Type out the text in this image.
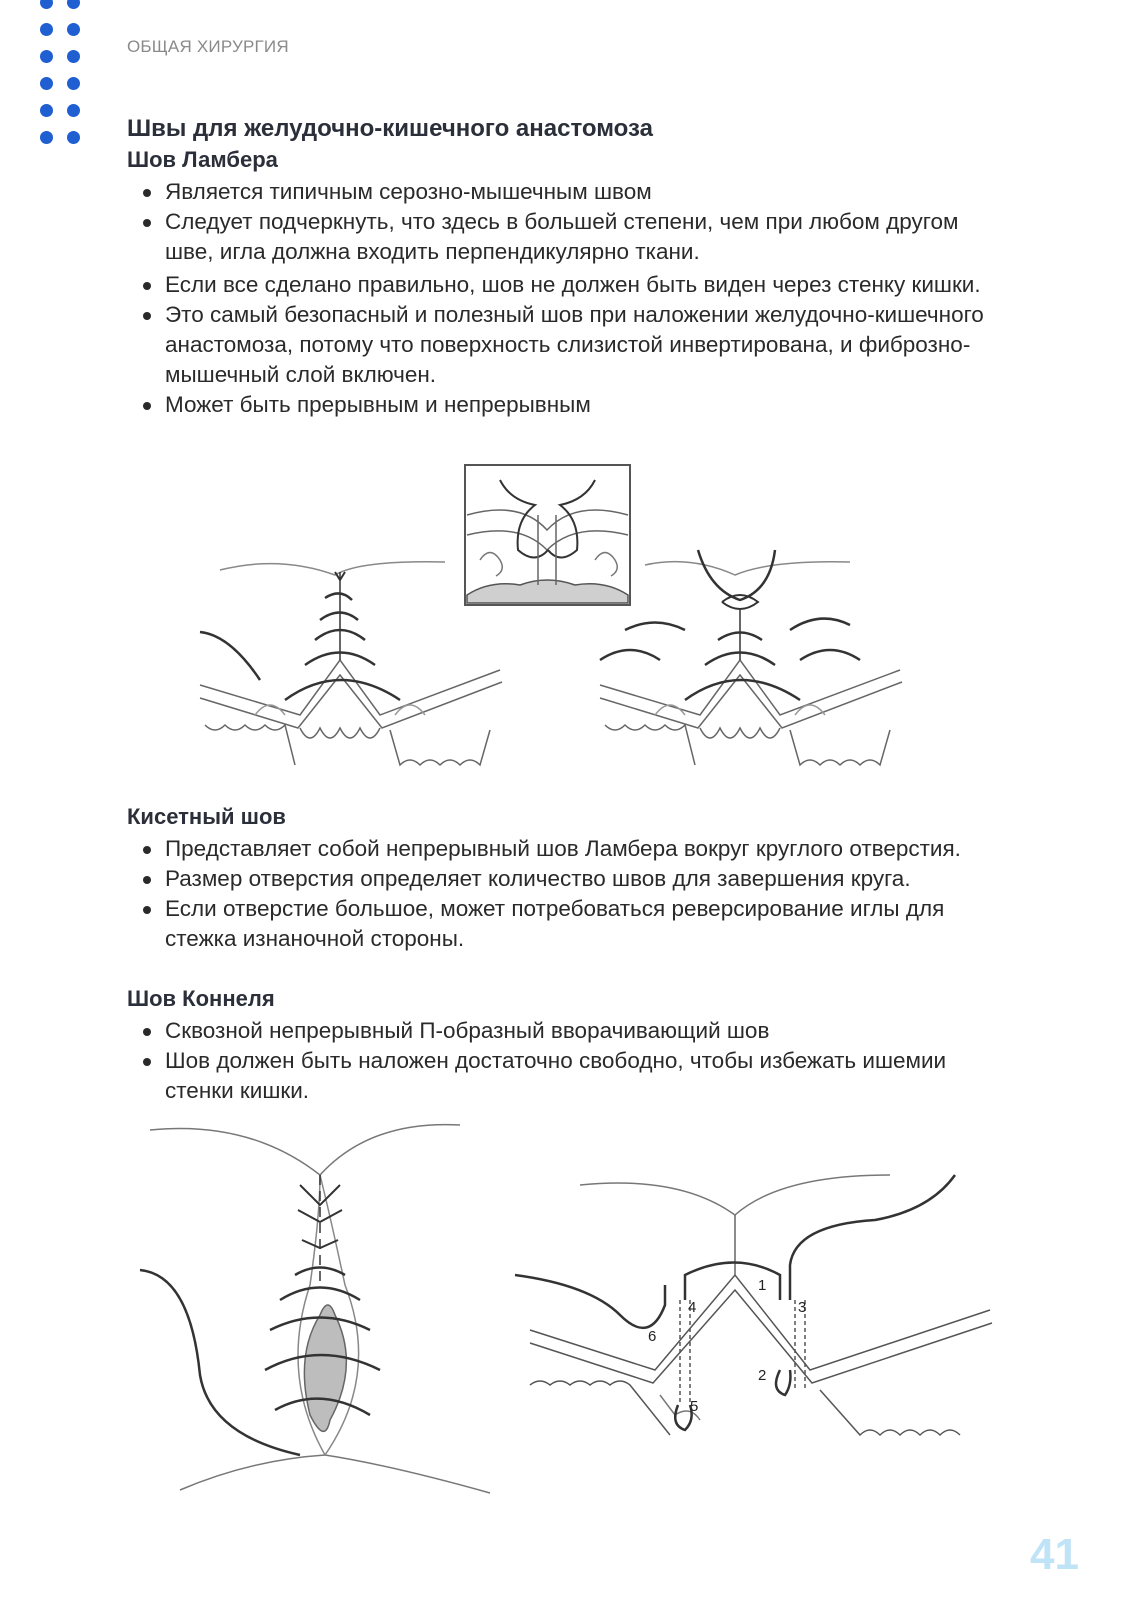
ОБЩАЯ ХИРУРГИЯ
Швы для желудочно-кишечного анастомоза
Шов Ламбера
Является типичным серозно-мышечным швом
Следует подчеркнуть, что здесь в большей степени, чем при любом другом шве, игла должна входить перпендикулярно ткани.
Если все сделано правильно, шов не должен быть виден через стенку кишки.
Это самый безопасный и полезный шов при наложении желудочно-кишечного анастомоза, потому что поверхность слизистой инвертирована, и фиброзно-мышечный слой включен.
Может быть прерывным и непрерывным
Кисетный шов
Представляет собой непрерывный шов Ламбера вокруг круглого отверстия.
Размер отверстия определяет количество швов для завершения круга.
Если отверстие большое, может потребоваться реверсирование иглы для стежка изнаночной стороны.
Шов Коннеля
Сквозной непрерывный П-образный вворачивающий шов
Шов должен быть наложен достаточно свободно, чтобы избежать ишемии стенки кишки.
1
2
3
4
5
6
41
